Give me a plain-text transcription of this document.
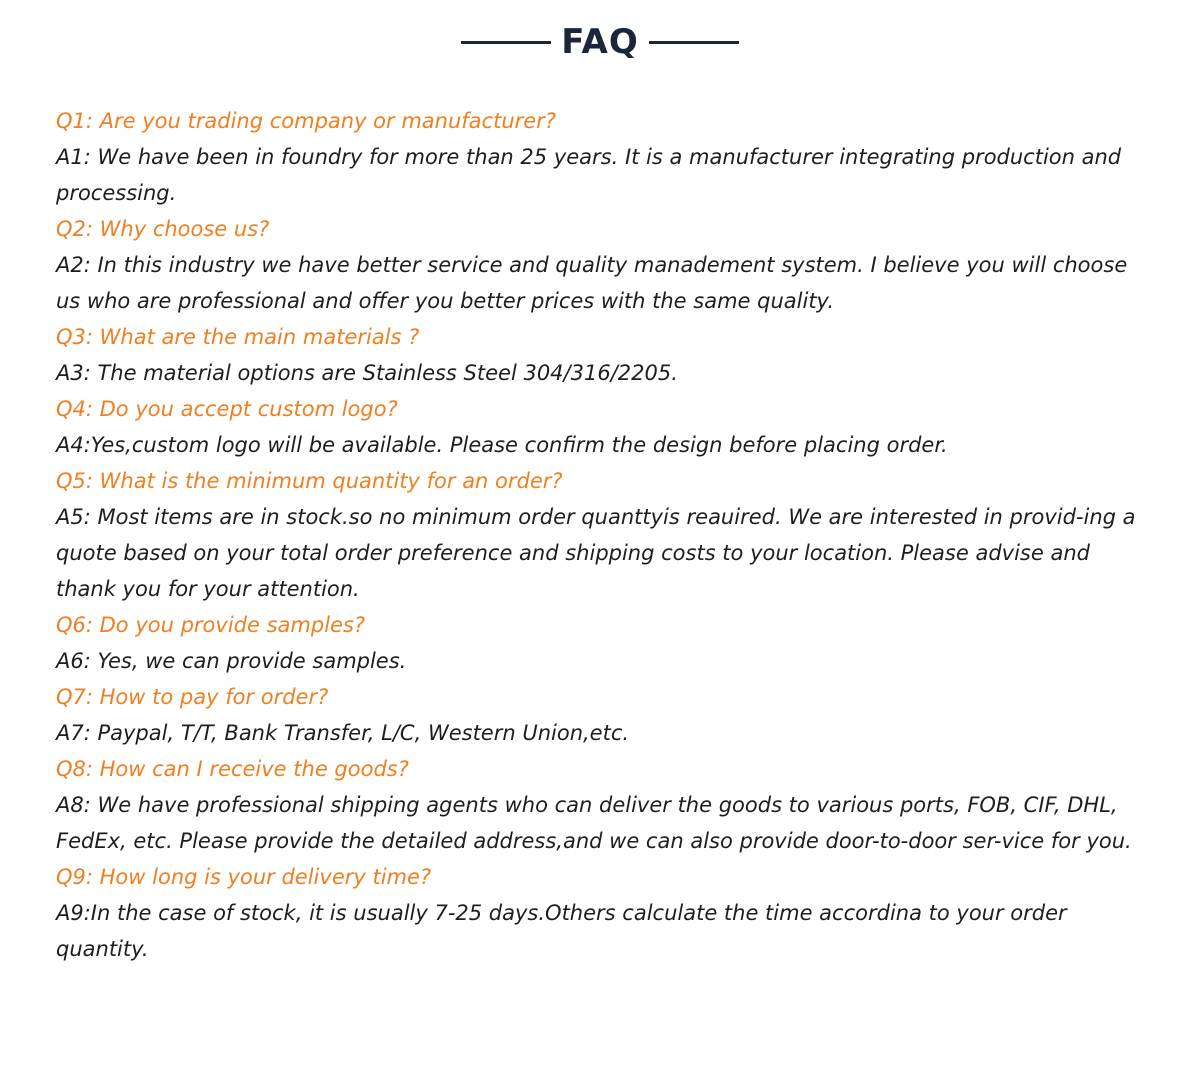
FAQ

Q1: Are you trading company or manufacturer?

A1: We have been in foundry for more than 25 years. It is a manufacturer integrating production and processing.

Q2: Why choose us?

A2: In this industry we have better service and quality manadement system. I believe you will choose us who are professional and offer you better prices with the same quality.

Q3: What are the main materials ?

A3: The material options are Stainless Steel 304/316/2205.

Q4: Do you accept custom logo?

A4:Yes,custom logo will be available. Please confirm the design before placing order.

Q5: What is the minimum quantity for an order?

A5: Most items are in stock.so no minimum order quanttyis reauired. We are interested in provid-ing a quote based on your total order preference and shipping costs to your location. Please advise and thank you for your attention.

Q6: Do you provide samples?

A6: Yes, we can provide samples.

Q7: How to pay for order?

A7: Paypal, T/T, Bank Transfer, L/C, Western Union,etc.

Q8: How can I receive the goods?

A8: We have professional shipping agents who can deliver the goods to various ports, FOB, CIF, DHL, FedEx, etc. Please provide the detailed address,and we can also provide door-to-door ser-vice for you.

Q9: How long is your delivery time?

A9:In the case of stock, it is usually 7-25 days.Others calculate the time accordina to your order quantity.
